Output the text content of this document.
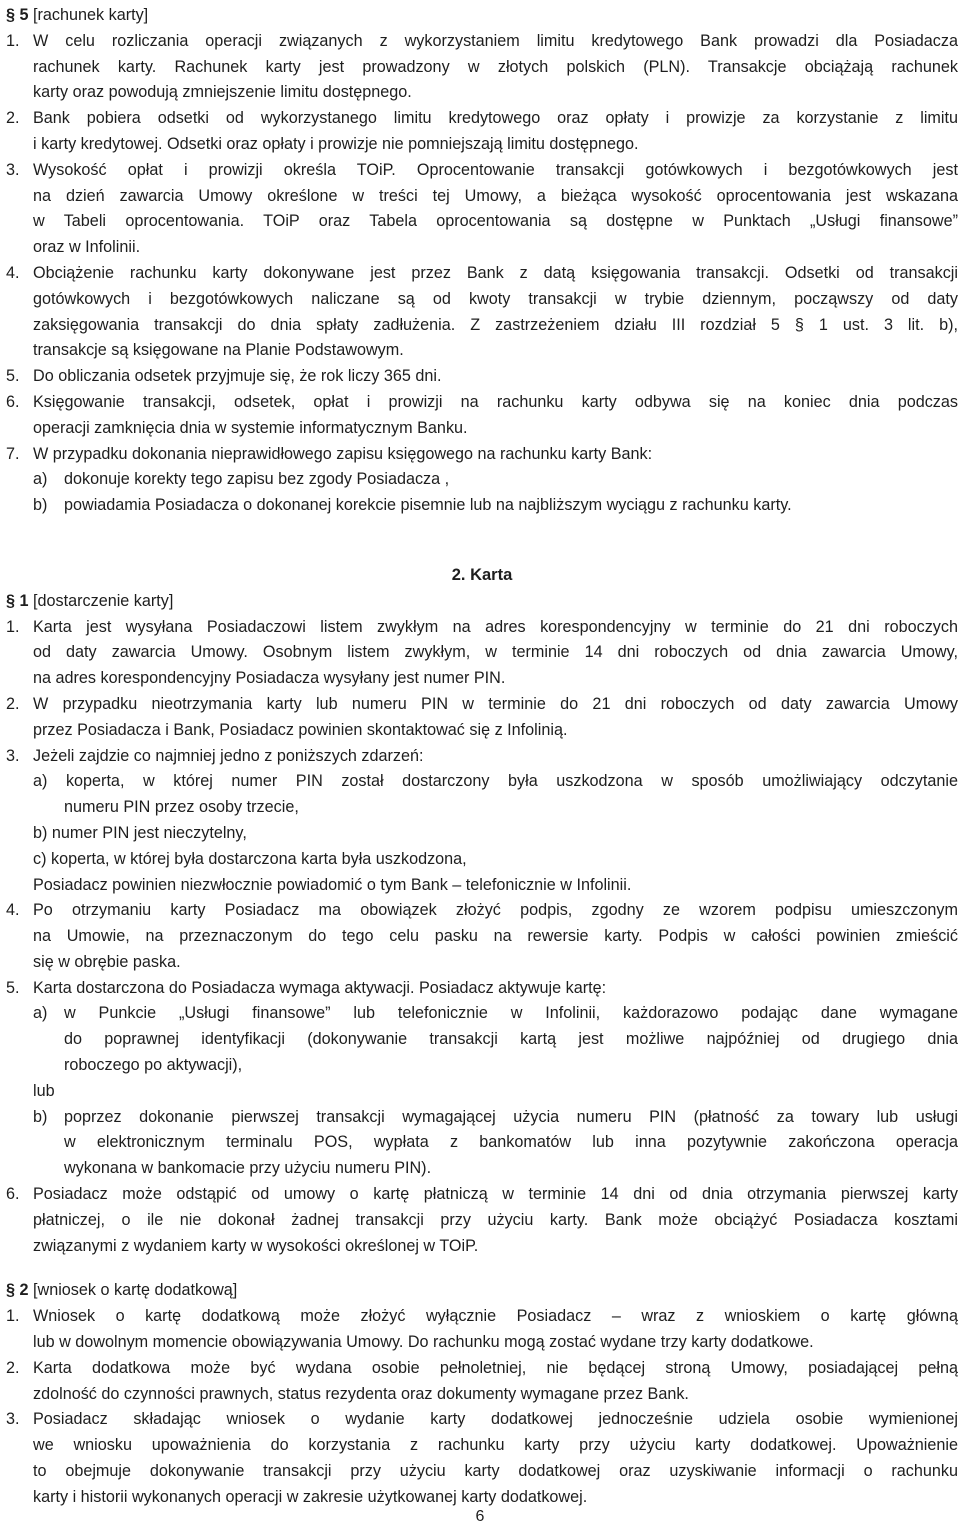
§ 5 [rachunek karty]
1. W celu rozliczania operacji związanych z wykorzystaniem limitu kredytowego Bank prowadzi dla Posiadacza
rachunek karty. Rachunek karty jest prowadzony w złotych polskich (PLN). Transakcje obciążają rachunek
karty oraz powodują zmniejszenie limitu dostępnego.
2. Bank pobiera odsetki od wykorzystanego limitu kredytowego oraz opłaty i prowizje za korzystanie z limitu
i karty kredytowej. Odsetki oraz opłaty i prowizje nie pomniejszają limitu dostępnego.
3. Wysokość opłat i prowizji określa TOiP. Oprocentowanie transakcji gotówkowych i bezgotówkowych jest
na dzień zawarcia Umowy określone w treści tej Umowy, a bieżąca wysokość oprocentowania jest wskazana
w Tabeli oprocentowania. TOiP oraz Tabela oprocentowania są dostępne w Punktach „Usługi finansowe”
oraz w Infolinii.
4. Obciążenie rachunku karty dokonywane jest przez Bank z datą księgowania transakcji. Odsetki od transakcji
gotówkowych i bezgotówkowych naliczane są od kwoty transakcji w trybie dziennym, począwszy od daty
zaksięgowania transakcji do dnia spłaty zadłużenia. Z zastrzeżeniem działu III rozdział 5 § 1 ust. 3 lit. b),
transakcje są księgowane na Planie Podstawowym.
5. Do obliczania odsetek przyjmuje się, że rok liczy 365 dni.
6. Księgowanie transakcji, odsetek, opłat i prowizji na rachunku karty odbywa się na koniec dnia podczas
operacji zamknięcia dnia w systemie informatycznym Banku.
7. W przypadku dokonania nieprawidłowego zapisu księgowego na rachunku karty Bank:
a) dokonuje korekty tego zapisu bez zgody Posiadacza ,
b) powiadamia Posiadacza o dokonanej korekcie pisemnie lub na najbliższym wyciągu z rachunku karty.
2. Karta
§ 1 [dostarczenie karty]
1. Karta jest wysyłana Posiadaczowi listem zwykłym na adres korespondencyjny w terminie do 21 dni roboczych
od daty zawarcia Umowy. Osobnym listem zwykłym, w terminie 14 dni roboczych od dnia zawarcia Umowy,
na adres korespondencyjny Posiadacza wysyłany jest numer PIN.
2. W przypadku nieotrzymania karty lub numeru PIN w terminie do 21 dni roboczych od daty zawarcia Umowy
przez Posiadacza i Bank, Posiadacz powinien skontaktować się z Infolinią.
3. Jeżeli zajdzie co najmniej jedno z poniższych zdarzeń:
a) koperta, w której numer PIN został dostarczony była uszkodzona w sposób umożliwiający odczytanie
numeru PIN przez osoby trzecie,
b) numer PIN jest nieczytelny,
c) koperta, w której była dostarczona karta była uszkodzona,
Posiadacz powinien niezwłocznie powiadomić o tym Bank – telefonicznie w Infolinii.
4. Po otrzymaniu karty Posiadacz ma obowiązek złożyć podpis, zgodny ze wzorem podpisu umieszczonym
na Umowie, na przeznaczonym do tego celu pasku na rewersie karty. Podpis w całości powinien zmieścić
się w obrębie paska.
5. Karta dostarczona do Posiadacza wymaga aktywacji. Posiadacz aktywuje kartę:
a) w Punkcie „Usługi finansowe” lub telefonicznie w Infolinii, każdorazowo podając dane wymagane
do poprawnej identyfikacji (dokonywanie transakcji kartą jest możliwe najpóźniej od drugiego dnia
roboczego po aktywacji),
lub
b) poprzez dokonanie pierwszej transakcji wymagającej użycia numeru PIN (płatność za towary lub usługi
w elektronicznym terminalu POS, wypłata z bankomatów lub inna pozytywnie zakończona operacja
wykonana w bankomacie przy użyciu numeru PIN).
6. Posiadacz może odstąpić od umowy o kartę płatniczą w terminie 14 dni od dnia otrzymania pierwszej karty
płatniczej, o ile nie dokonał żadnej transakcji przy użyciu karty. Bank może obciążyć Posiadacza kosztami
związanymi z wydaniem karty w wysokości określonej w TOiP.
§ 2 [wniosek o kartę dodatkową]
1. Wniosek o kartę dodatkową może złożyć wyłącznie Posiadacz – wraz z wnioskiem o kartę główną
lub w dowolnym momencie obowiązywania Umowy. Do rachunku mogą zostać wydane trzy karty dodatkowe.
2. Karta dodatkowa może być wydana osobie pełnoletniej, nie będącej stroną Umowy, posiadającej pełną
zdolność do czynności prawnych, status rezydenta oraz dokumenty wymagane przez Bank.
3. Posiadacz składając wniosek o wydanie karty dodatkowej jednocześnie udziela osobie wymienionej
we wniosku upoważnienia do korzystania z rachunku karty przy użyciu karty dodatkowej. Upoważnienie
to obejmuje dokonywanie transakcji przy użyciu karty dodatkowej oraz uzyskiwanie informacji o rachunku
karty i historii wykonanych operacji w zakresie użytkowanej karty dodatkowej.
6
